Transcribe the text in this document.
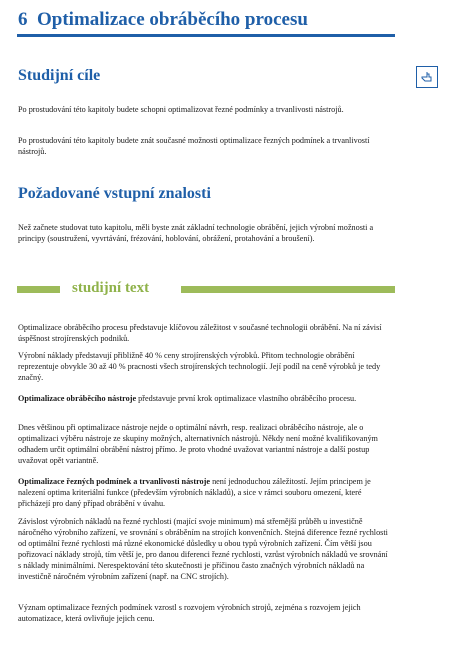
6 Optimalizace obráběcího procesu
Studijní cíle

Po prostudování této kapitoly budete schopni optimalizovat řezné podmínky a trvanlivosti nástrojů.

Po prostudování této kapitoly budete znát současné možnosti optimalizace řezných podmínek a trvanlivostí nástrojů.

Požadované vstupní znalosti

Než začnete studovat tuto kapitolu, měli byste znát základní technologie obrábění, jejich výrobní možnosti a principy (soustružení, vyvrtávání, frézování, hoblování, obrážení, protahování a broušení).

studijní text

Optimalizace obráběcího procesu představuje klíčovou záležitost v současné technologii obrábění. Na ní závisí úspěšnost strojírenských podniků.

Výrobní náklady představují přibližně 40 % ceny strojírenských výrobků. Přitom technologie obrábění reprezentuje obvykle 30 až 40 % pracnosti všech strojírenských technologií. Její podíl na ceně výrobků je tedy značný.

Optimalizace obráběcího nástroje představuje první krok optimalizace vlastního obráběcího procesu.

Dnes většinou při optimalizace nástroje nejde o optimální návrh, resp. realizaci obráběcího nástroje, ale o optimalizaci výběru nástroje ze skupiny možných, alternativních nástrojů. Někdy není možné kvalifikovaným odhadem určit optimální obrábění nástroj přímo. Je proto vhodné uvažovat variantní nástroje a další postup uvažovat opět variantně.

Optimalizace řezných podmínek a trvanlivosti nástroje není jednoduchou záležitostí. Jejím principem je nalezení optima kriteriální funkce (především výrobních nákladů), a sice v rámci souboru omezení, které přicházejí pro daný případ obrábění v úvahu.

Závislost výrobních nákladů na řezné rychlosti (mající svoje minimum) má střemější průběh u investičně náročného výrobního zařízení, ve srovnání s obráběním na strojích konvenčních. Stejná diference řezné rychlosti od optimální řezné rychlosti má různé ekonomické důsledky u obou typů výrobních zařízení. Čím větší jsou pořizovací náklady strojů, tím větší je, pro danou diferenci řezné rychlosti, vzrůst výrobních nákladů ve srovnání s náklady minimálními. Nerespektování této skutečnosti je příčinou často značných výrobních nákladů na investičně náročném výrobním zařízení (např. na CNC strojích).

Význam optimalizace řezných podmínek vzrostl s rozvojem výrobních strojů, zejména s rozvojem jejich automatizace, která ovlivňuje jejich cenu.
